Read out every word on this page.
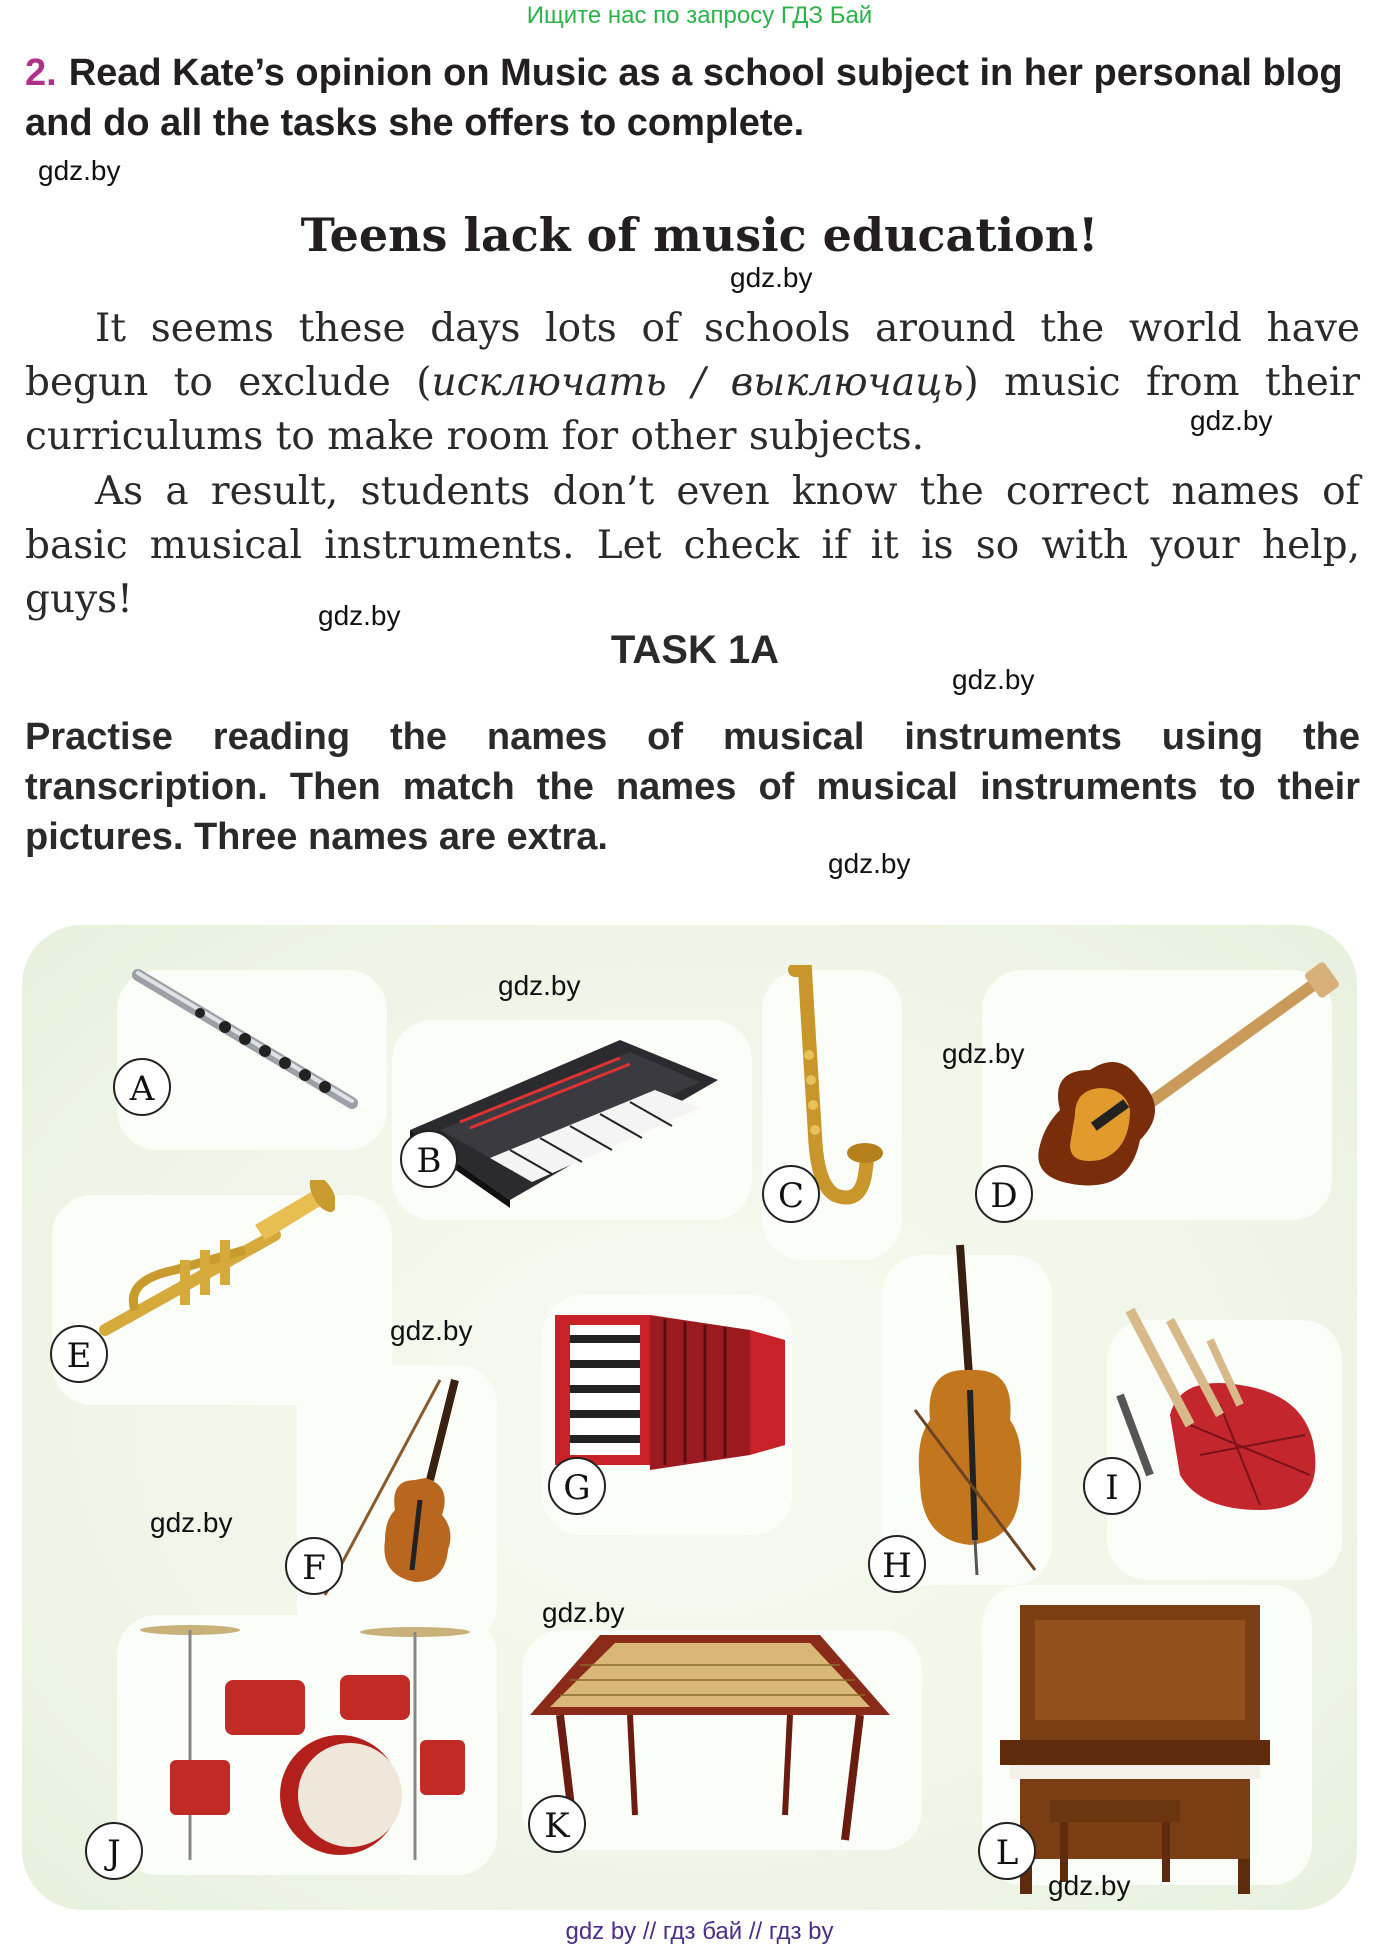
Ищите нас по запросу ГДЗ Бай
2. Read Kate’s opinion on Music as a school subject in her personal blog and do all the tasks she offers to complete.
gdz.by
Teens lack of music education!
gdz.by
It seems these days lots of schools around the world have begun to exclude (исключать / выключаць) music from their curriculums to make room for other subjects.	gdz.by
As a result, students don’t even know the correct names of basic musical instruments. Let check if it is so with your help, guys!	gdz.by
TASK 1A
gdz.by
Practise reading the names of musical instruments using the transcription. Then match the names of musical instruments to their pictures. Three names are extra.
gdz.by
A
B
C	D
E
F
G
H
I
J
K
L
gdz.by
gdz.by
gdz.by
gdz.by
gdz.by
gdz.by
gdz by // гдз бай // гдз by
